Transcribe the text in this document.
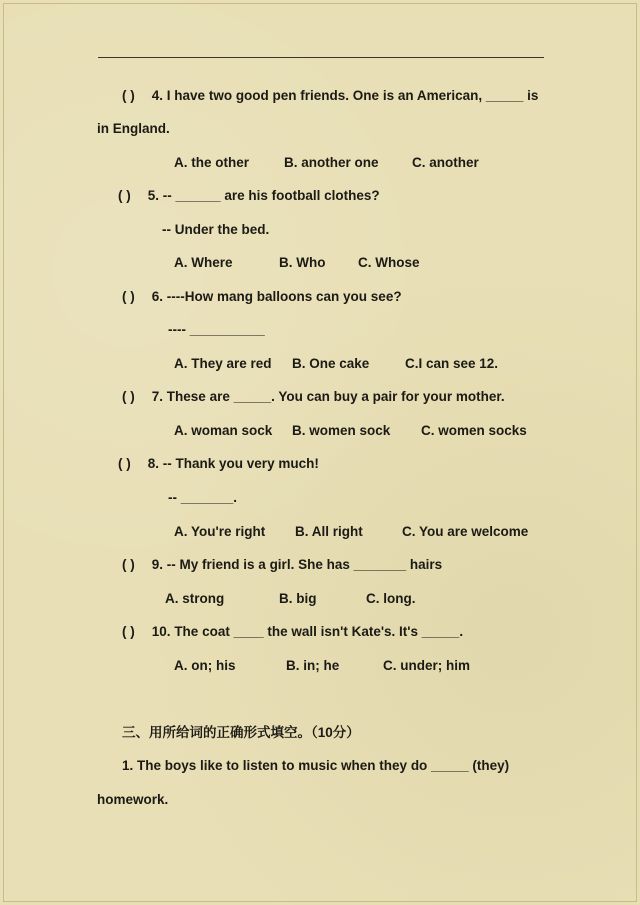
( ) 4. I have two good pen friends. One is an American, _____ is
in England.
A. the other	B. another one C. another
( ) 5. -- ______ are his football clothes?
-- Under the bed.
A. Where	B. Who C. Whose
( ) 6. ----How mang balloons can you see?
---- __________
A. They are red B. One cake	C.I can see 12.
( ) 7. These are _____. You can buy a pair for your mother.
A. woman sock B. women sock C. women socks
( ) 8. -- Thank you very much!
-- _______.
A. You're right B. All right	C. You are welcome
( ) 9. -- My friend is a girl. She has _______ hairs
A. strong	B. big	C. long.
( ) 10. The coat ____ the wall isn't Kate's. It's _____.
A. on; his	B. in; he	C. under; him
三、用所给词的正确形式填空。（10分）
1. The boys like to listen to music when they do _____ (they)
homework.
